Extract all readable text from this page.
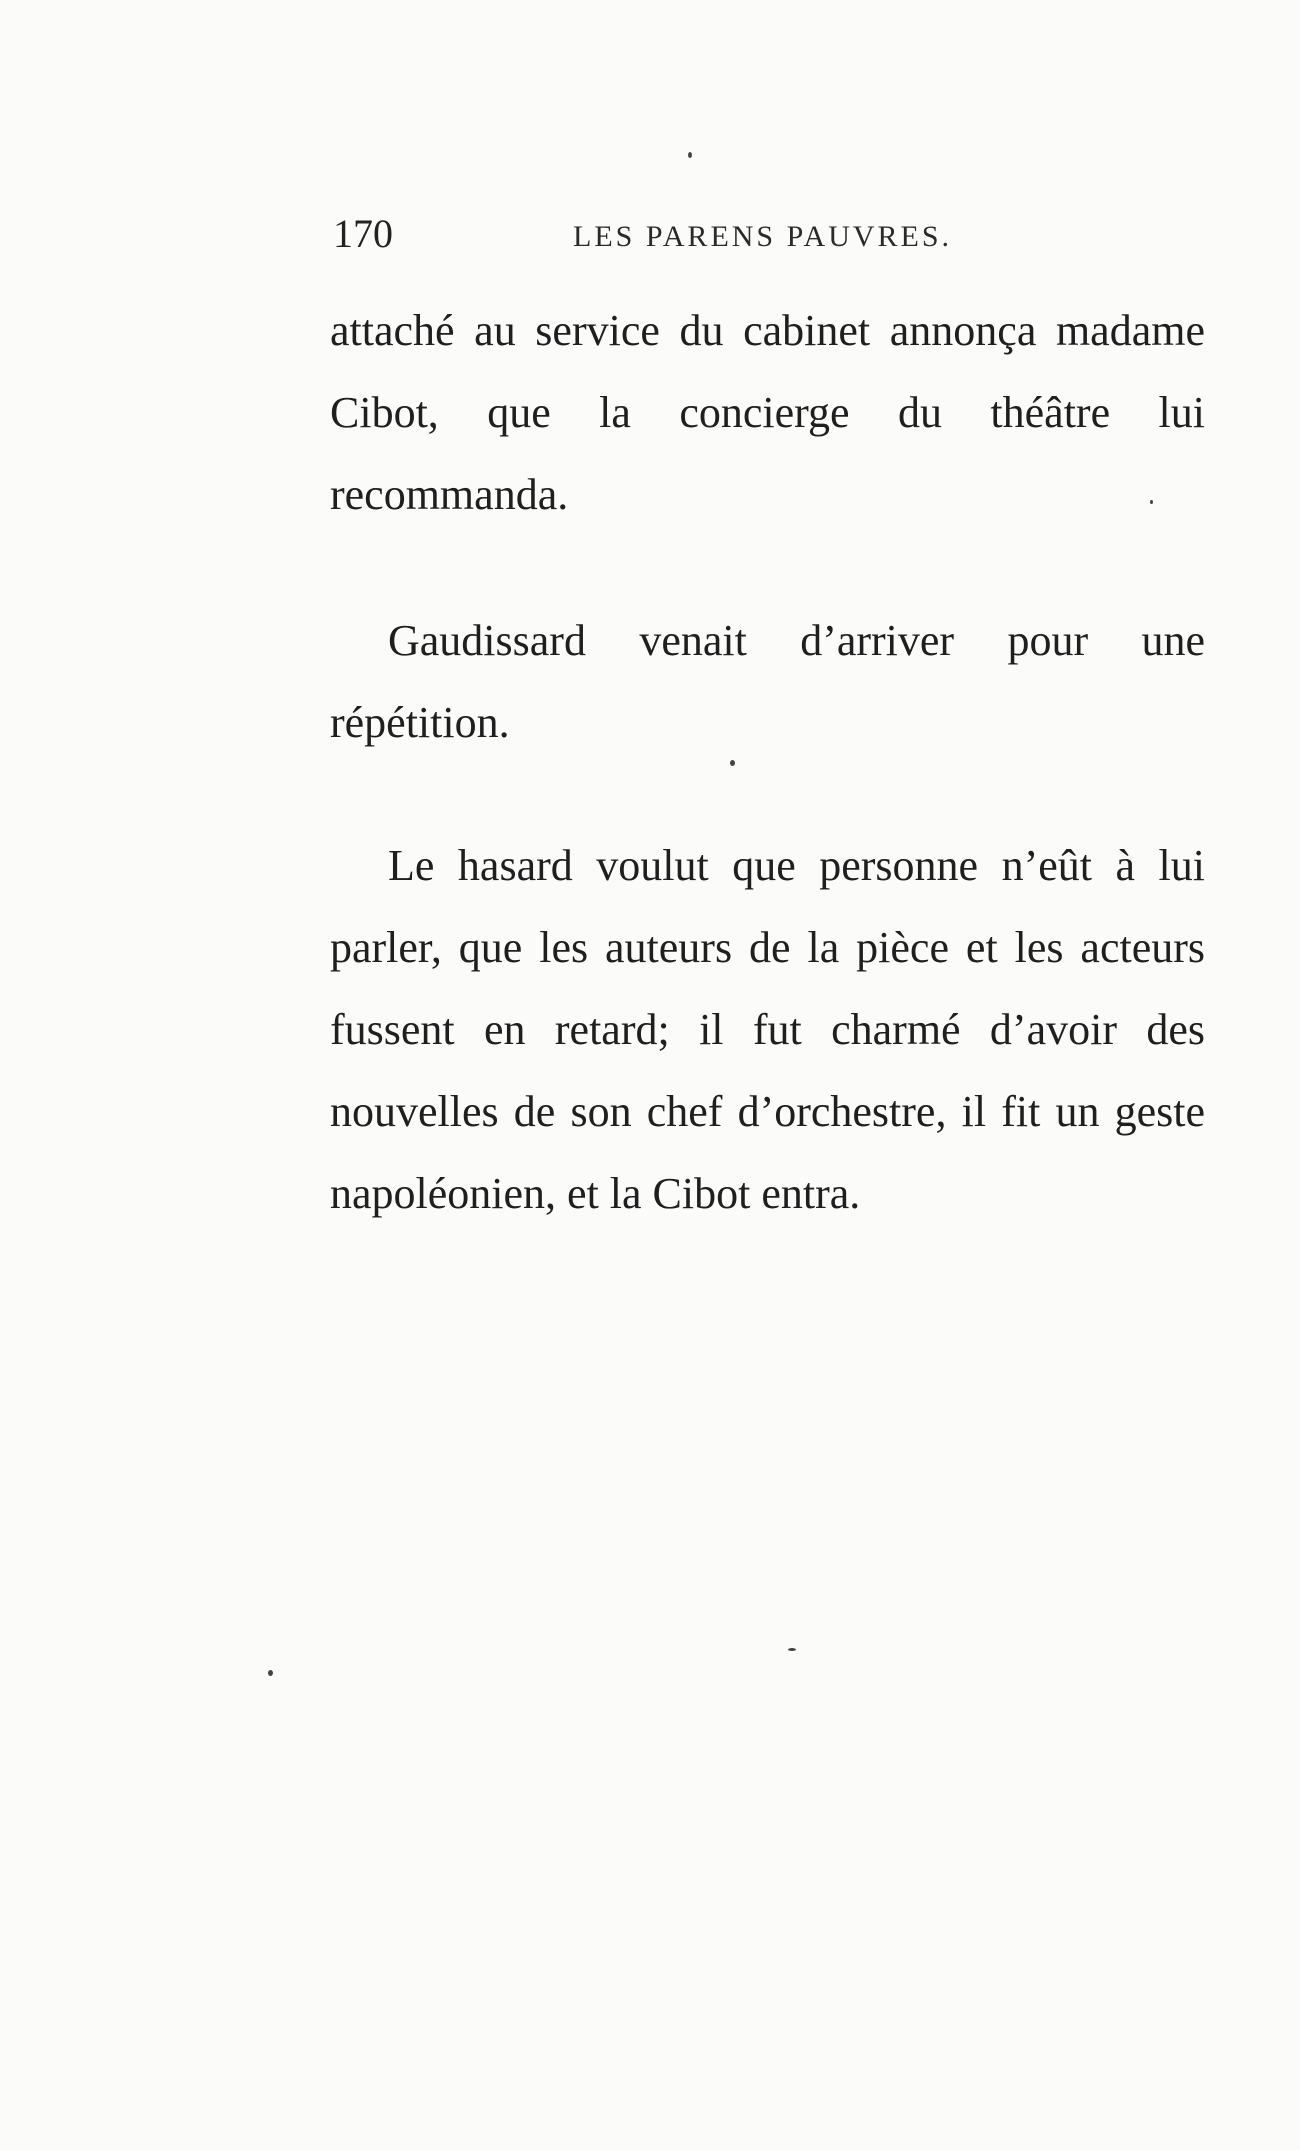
170	LES PARENS PAUVRES.

attaché au service du cabinet annonça madame Cibot, que la concierge du théâtre lui recommanda.

Gaudissard venait d’arriver pour une répétition.

Le hasard voulut que personne n’eût à lui parler, que les auteurs de la pièce et les acteurs fussent en retard; il fut charmé d’avoir des nouvelles de son chef d’orchestre, il fit un geste napoléonien, et la Cibot entra.
